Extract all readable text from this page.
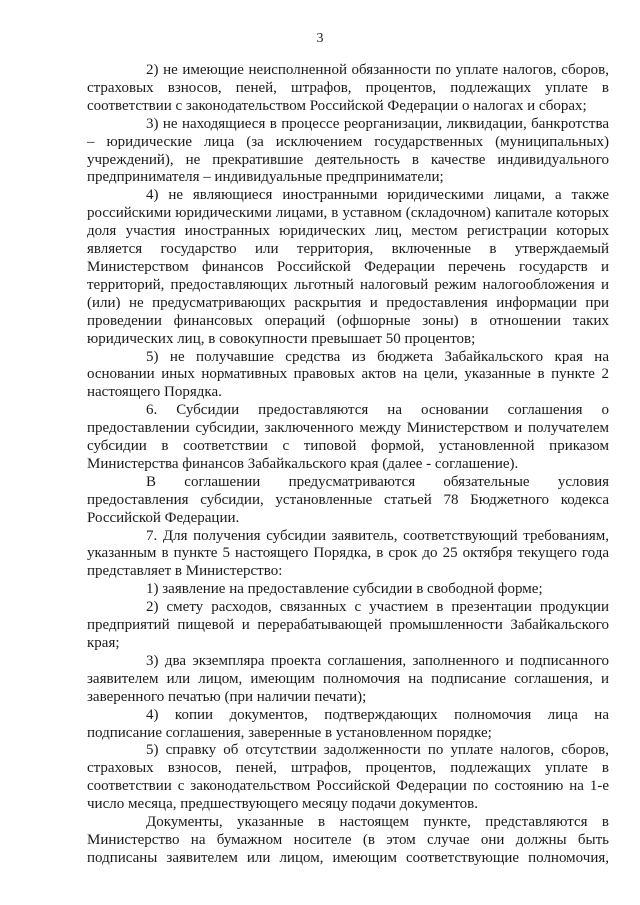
3

2) не имеющие неисполненной обязанности по уплате налогов, сборов, страховых взносов, пеней, штрафов, процентов, подлежащих уплате в соответствии с законодательством Российской Федерации о налогах и сборах;

3) не находящиеся в процессе реорганизации, ликвидации, банкротства – юридические лица (за исключением государственных (муниципальных) учреждений), не прекратившие деятельность в качестве индивидуального предпринимателя – индивидуальные предприниматели;

4) не являющиеся иностранными юридическими лицами, а также российскими юридическими лицами, в уставном (складочном) капитале которых доля участия иностранных юридических лиц, местом регистрации которых является государство или территория, включенные в утверждаемый Министерством финансов Российской Федерации перечень государств и территорий, предоставляющих льготный налоговый режим налогообложения и (или) не предусматривающих раскрытия и предоставления информации при проведении финансовых операций (офшорные зоны) в отношении таких юридических лиц, в совокупности превышает 50 процентов;

5) не получавшие средства из бюджета Забайкальского края на основании иных нормативных правовых актов на цели, указанные в пункте 2 настоящего Порядка.

6. Субсидии предоставляются на основании соглашения о предоставлении субсидии, заключенного между Министерством и получателем субсидии в соответствии с типовой формой, установленной приказом Министерства финансов Забайкальского края (далее - соглашение).

В соглашении предусматриваются обязательные условия предоставления субсидии, установленные статьей 78 Бюджетного кодекса Российской Федерации.

7. Для получения субсидии заявитель, соответствующий требованиям, указанным в пункте 5 настоящего Порядка, в срок до 25 октября текущего года представляет в Министерство:

1) заявление на предоставление субсидии в свободной форме;

2) смету расходов, связанных с участием в презентации продукции предприятий пищевой и перерабатывающей промышленности Забайкальского края;

3) два экземпляра проекта соглашения, заполненного и подписанного заявителем или лицом, имеющим полномочия на подписание соглашения, и заверенного печатью (при наличии печати);

4) копии документов, подтверждающих полномочия лица на подписание соглашения, заверенные в установленном порядке;

5) справку об отсутствии задолженности по уплате налогов, сборов, страховых взносов, пеней, штрафов, процентов, подлежащих уплате в соответствии с законодательством Российской Федерации по состоянию на 1-е число месяца, предшествующего месяцу подачи документов.

Документы, указанные в настоящем пункте, представляются в Министерство на бумажном носителе (в этом случае они должны быть подписаны заявителем или лицом, имеющим соответствующие полномочия,
